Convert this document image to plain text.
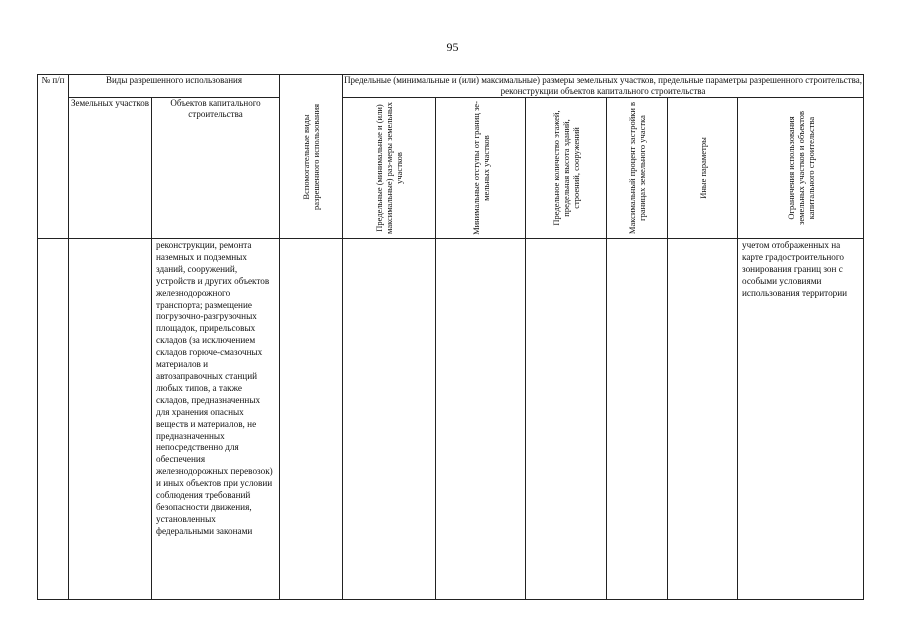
95
№ п/п	Виды разрешенного использования		Вспомогательные виды разрешенного использования	Предельные (минимальные и (или) максимальные) размеры земельных участков, предельные параметры разрешенного строительства, реконструкции объектов капитального строительства					
	Земельных участков	Объектов капитального строительства		Предельные (минимальные и (или) максимальные) раз-меры земельных участков	Минимальные отступы от границ зе-мельных участков	Предельное количество этажей, предельная высота зданий, строений, сооружений	Максимальный процент застройки в границах земельного участка	Иные параметры	Ограничения использования земельных участков и объектов капитального строительства

		реконструкции, ремонта наземных и подземных зданий, сооружений, устройств и других объектов железнодорожного транспорта; размещение погрузочно-разгрузочных площадок, прирельсовых складов (за исключением складов горюче-смазочных материалов и автозаправочных станций любых типов, а также складов, предназначенных для хранения опасных веществ и материалов, не предназначенных непосредственно для обеспечения железнодорожных перевозок) и иных объектов при условии соблюдения требований безопасности движения, установленных федеральными законами							учетом отображенных на карте градостроительного зонирования границ зон с особыми условиями использования территории
